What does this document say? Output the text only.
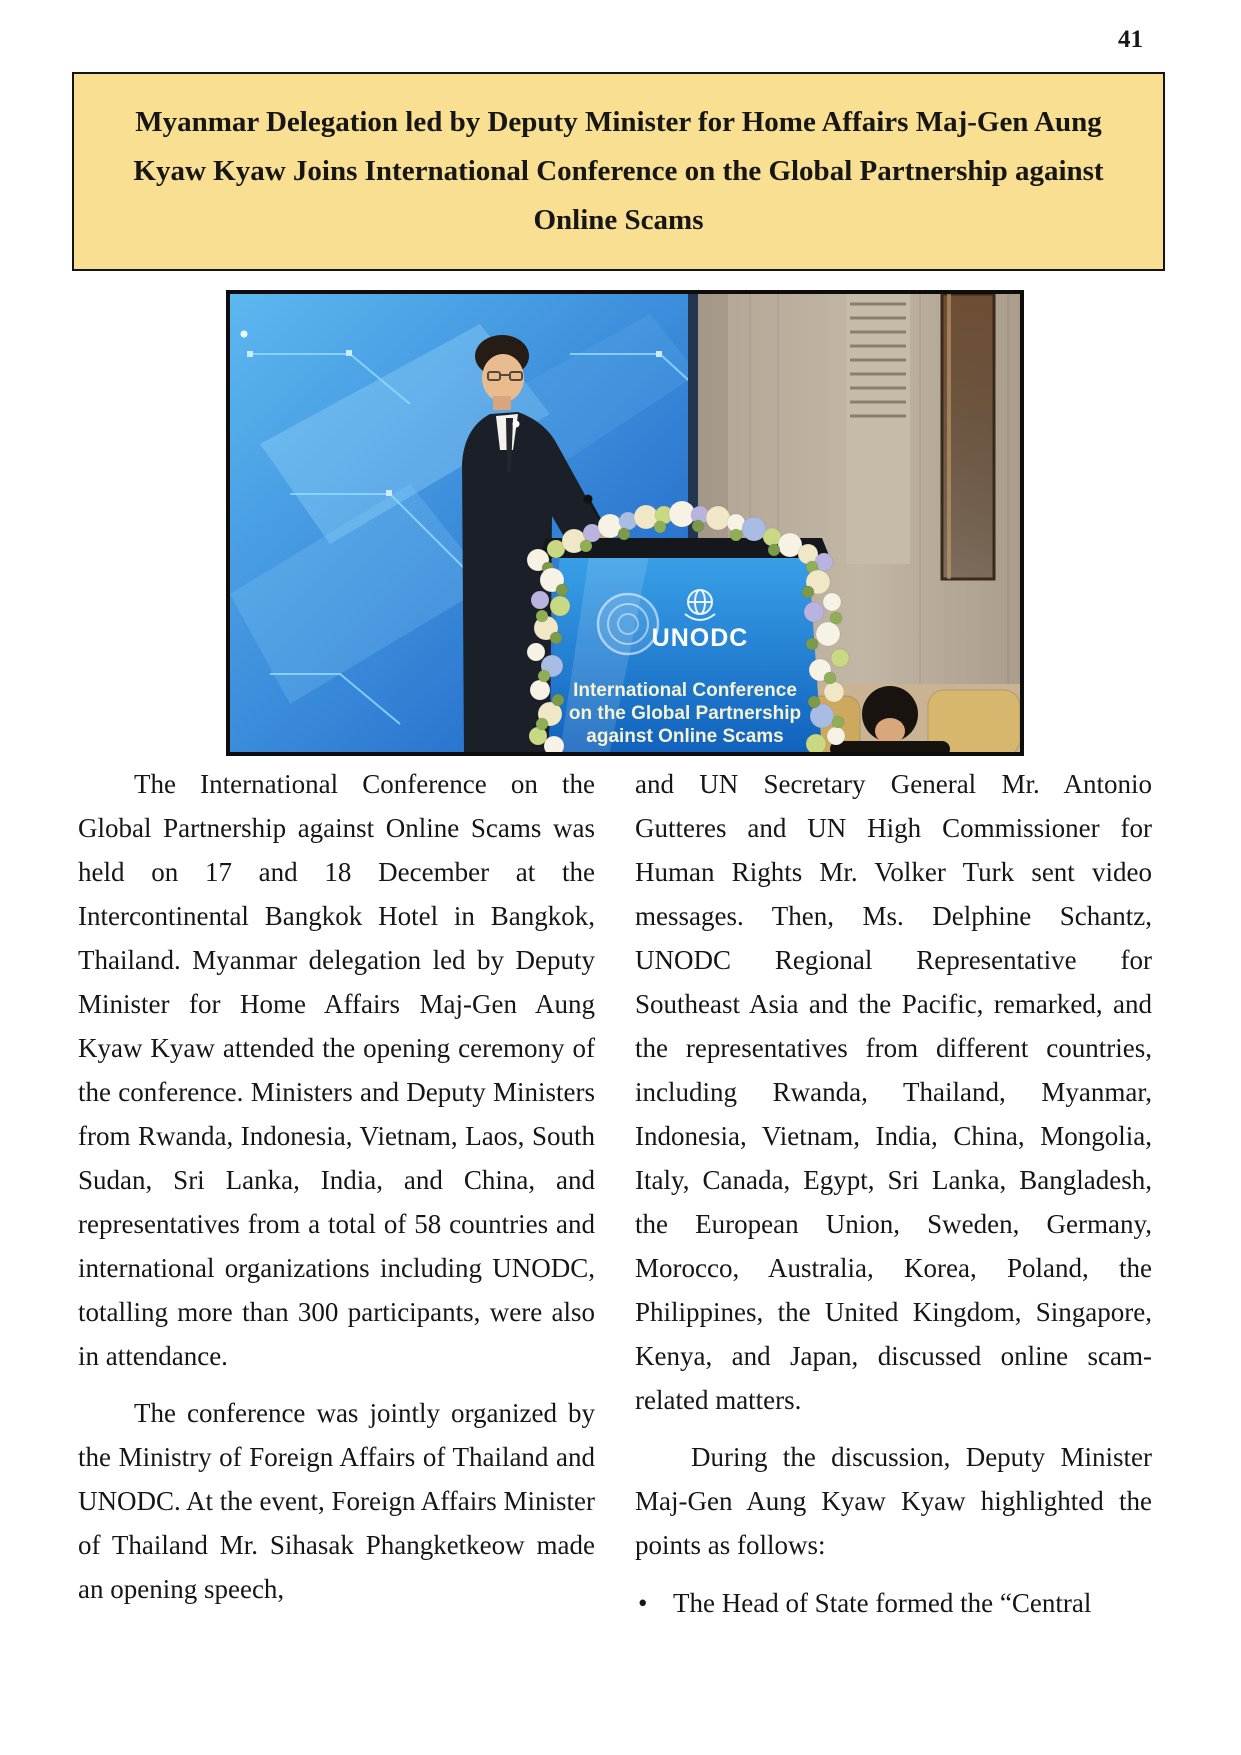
41
Myanmar Delegation led by Deputy Minister for Home Affairs Maj-Gen Aung Kyaw Kyaw Joins International Conference on the Global Partnership against Online Scams
UNODC
International Conference
on the Global Partnership
against Online Scams

The International Conference on the Global Partnership against Online Scams was held on 17 and 18 December at the Intercontinental Bangkok Hotel in Bangkok, Thailand. Myanmar delegation led by Deputy Minister for Home Affairs Maj-Gen Aung Kyaw Kyaw attended the opening ceremony of the conference. Ministers and Deputy Ministers from Rwanda, Indonesia, Vietnam, Laos, South Sudan, Sri Lanka, India, and China, and representatives from a total of 58 countries and international organizations including UNODC, totalling more than 300 participants, were also in attendance.

The conference was jointly organized by the Ministry of Foreign Affairs of Thailand and UNODC. At the event, Foreign Affairs Minister of Thailand Mr. Sihasak Phangketkeow made an opening speech,

and UN Secretary General Mr. Antonio Gutteres and UN High Commissioner for Human Rights Mr. Volker Turk sent video messages. Then, Ms. Delphine Schantz, UNODC Regional Representative for Southeast Asia and the Pacific, remarked, and the representatives from different countries, including Rwanda, Thailand, Myanmar, Indonesia, Vietnam, India, China, Mongolia, Italy, Canada, Egypt, Sri Lanka, Bangladesh, the European Union, Sweden, Germany, Morocco, Australia, Korea, Poland, the Philippines, the United Kingdom, Singapore, Kenya, and Japan, discussed online scam-related matters.

During the discussion, Deputy Minister Maj-Gen Aung Kyaw Kyaw highlighted the points as follows:

• The Head of State formed the “Central
